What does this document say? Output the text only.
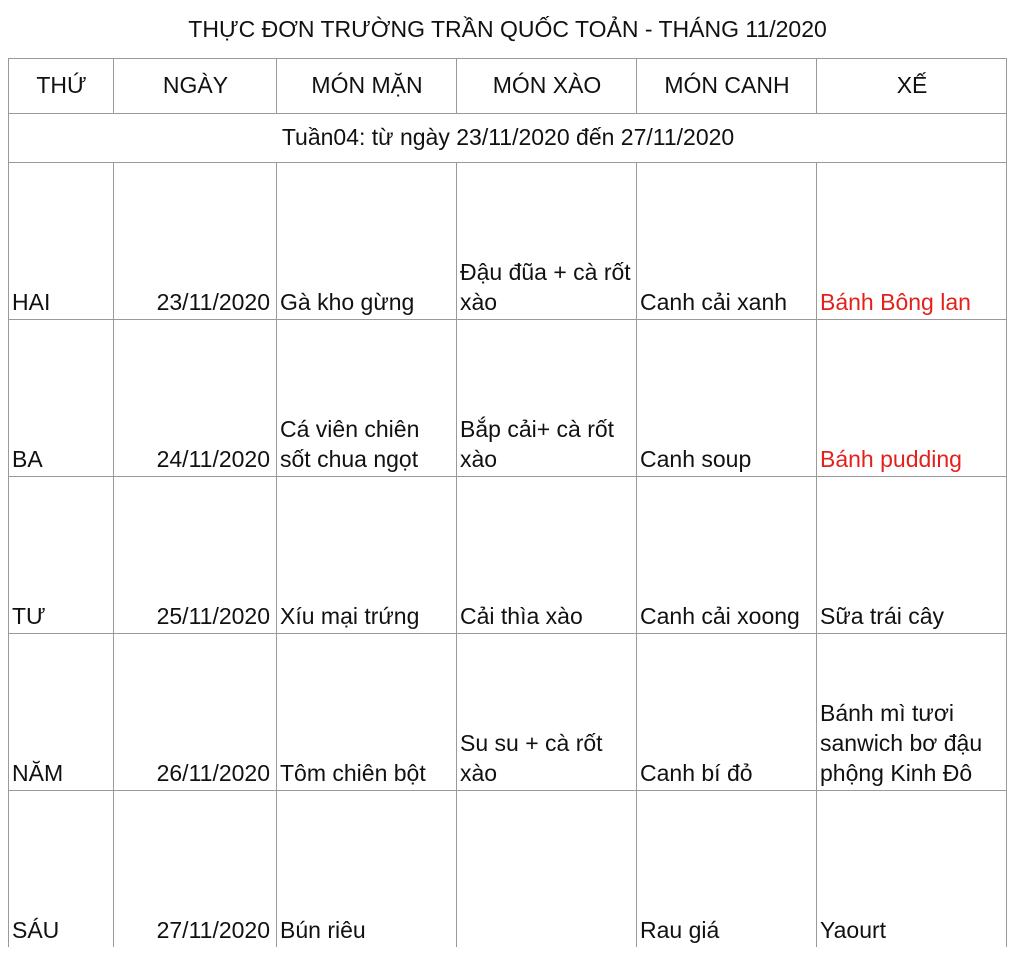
THỰC ĐƠN TRƯỜNG TRẦN QUỐC TOẢN - THÁNG 11/2020					
THỨ	NGÀY	MÓN MẶN	MÓN XÀO	MÓN CANH	XẾ
Tuần04: từ ngày 23/11/2020 đến 27/11/2020					
HAI	23/11/2020	Gà kho gừng	Đậu đũa + cà rốt xào	Canh cải xanh	Bánh Bông lan
BA	24/11/2020	Cá viên chiên sốt chua ngọt	Bắp cải+ cà rốt xào	Canh soup	Bánh pudding
TƯ	25/11/2020	Xíu mại trứng	Cải thìa xào	Canh cải xoong	Sữa trái cây
NĂM	26/11/2020	Tôm chiên bột	Su su + cà rốt xào	Canh bí đỏ	Bánh mì tươi sanwich bơ đậu phộng Kinh Đô
SÁU	27/11/2020	Bún riêu		Rau giá	Yaourt
